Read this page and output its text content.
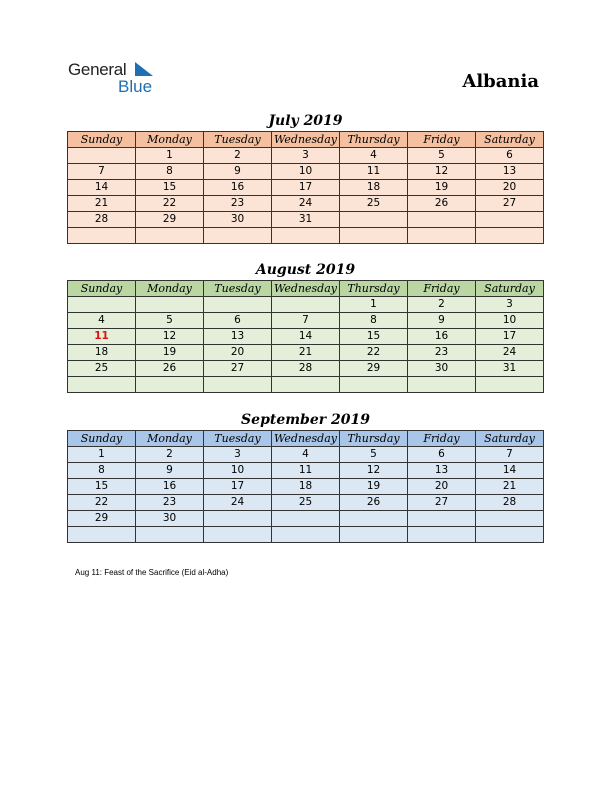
General
Blue	Albania
July 2019
Sunday	Monday	Tuesday	Wednesday	Thursday	Friday	Saturday
	1	2	3	4	5	6
7	8	9	10	11	12	13
14	15	16	17	18	19	20
21	22	23	24	25	26	27
28	29	30	31			

August 2019
Sunday	Monday	Tuesday	Wednesday	Thursday	Friday	Saturday
				1	2	3
4	5	6	7	8	9	10
11	12	13	14	15	16	17
18	19	20	21	22	23	24
25	26	27	28	29	30	31

September 2019
Sunday	Monday	Tuesday	Wednesday	Thursday	Friday	Saturday
1	2	3	4	5	6	7
8	9	10	11	12	13	14
15	16	17	18	19	20	21
22	23	24	25	26	27	28
29	30					

Aug 11: Feast of the Sacrifice (Eid al-Adha)
